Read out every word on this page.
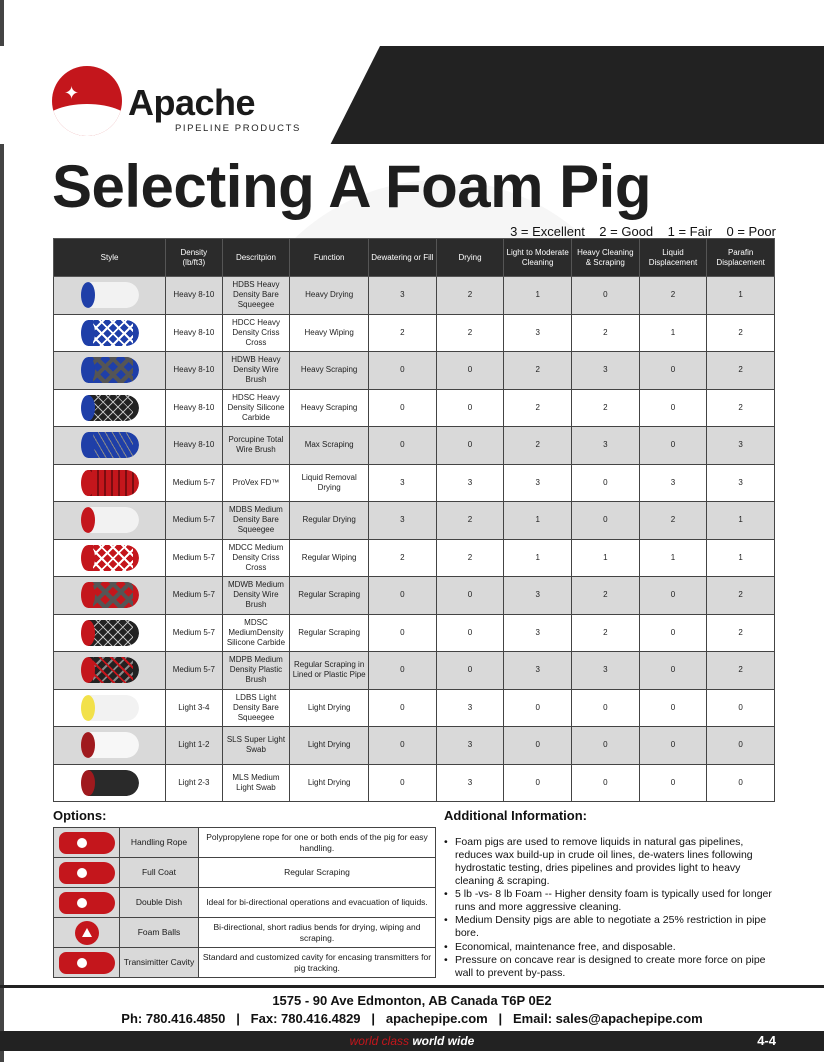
✦ Apache
PIPELINE PRODUCTS
Selecting A Foam Pig
3 = Excellent    2 = Good    1 = Fair    0 = Poor
Style	Density (lb/ft3)	Descritpion	Function	Dewatering or Fill	Drying	Light to Moderate Cleaning	Heavy Cleaning & Scraping	Liquid Displacement	Parafin Displacement

	Heavy 8-10	HDBS Heavy Density Bare Squeegee	Heavy Drying	3	2	1	0	2	1

	Heavy 8-10	HDCC Heavy Density Criss Cross	Heavy Wiping	2	2	3	2	1	2

	Heavy 8-10	HDWB Heavy Density Wire Brush	Heavy Scraping	0	0	2	3	0	2

	Heavy 8-10	HDSC Heavy Density Silicone Carbide	Heavy Scraping	0	0	2	2	0	2

	Heavy 8-10	Porcupine Total Wire Brush	Max Scraping	0	0	2	3	0	3

	Medium 5-7	ProVex FD™	Liquid Removal Drying	3	3	3	0	3	3

	Medium 5-7	MDBS Medium Density Bare Squeegee	Regular Drying	3	2	1	0	2	1

	Medium 5-7	MDCC Medium Density Criss Cross	Regular Wiping	2	2	1	1	1	1

	Medium 5-7	MDWB Medium Density Wire Brush	Regular Scraping	0	0	3	2	0	2

	Medium 5-7	MDSC MediumDensity Silicone Carbide	Regular Scraping	0	0	3	2	0	2

	Medium 5-7	MDPB Medium Density Plastic Brush	Regular Scraping in Lined or Plastic Pipe	0	0	3	3	0	2

	Light 3-4	LDBS Light Density Bare Squeegee	Light Drying	0	3	0	0	0	0

	Light 1-2	SLS Super Light Swab	Light Drying	0	3	0	0	0	0

	Light 2-3	MLS Medium Light Swab	Light Drying	0	3	0	0	0	0
Options:
	Handling Rope	Polypropylene rope for one or both ends of the pig for easy handling.

	Full Coat	Regular Scraping

	Double Dish	Ideal for bi-directional operations and evacuation of liquids.

	Foam Balls	Bi-directional, short radius bends for drying, wiping and scraping.

	Transimitter Cavity	Standard and customized cavity for encasing transmitters for pig tracking.
Additional Information:
• Foam pigs are used to remove liquids in natural gas pipelines, reduces wax build-up in crude oil lines, de-waters lines following hydrostatic testing, dries pipelines and provides light to heavy cleaning & scraping.
• 5 lb -vs- 8 lb Foam -- Higher density foam is typically used for longer runs and more aggressive cleaning.
• Medium Density pigs are able to negotiate a 25% restriction in pipe bore.
• Economical, maintenance free, and disposable.
• Pressure on concave rear is designed to create more force on pipe wall to prevent by-pass.
1575 - 90 Ave Edmonton, AB Canada T6P 0E2
Ph: 780.416.4850   |   Fax: 780.416.4829   |   apachepipe.com   |   Email: sales@apachepipe.com
world class world wide	4-4
